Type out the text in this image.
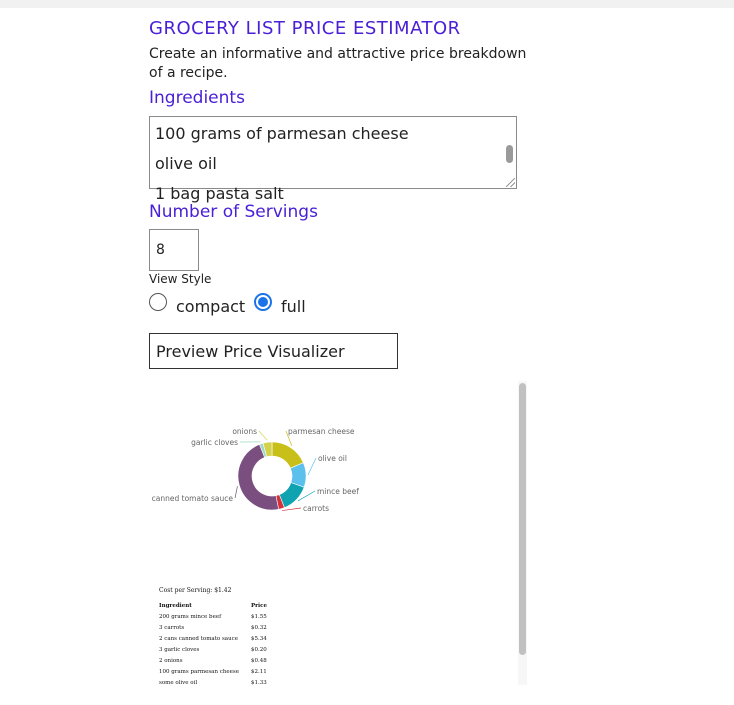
GROCERY LIST PRICE ESTIMATOR
Create an informative and attractive price breakdown of a recipe.
Ingredients
100 grams of parmesan cheese
olive oil
1 bag pasta salt
Number of Servings
8
View Style
compact full
Preview Price Visualizer
parmesan cheese
olive oil
mince beef
carrots
canned tomato sauce
garlic cloves
onions
Cost per Serving: $1.42
Ingredient	Price
200 grams mince beef	$1.55
3 carrots	$0.32
2 cans canned tomato sauce	$5.34
3 garlic cloves	$0.20
2 onions	$0.48
100 grams parmesan cheese	$2.11
some olive oil	$1.33
